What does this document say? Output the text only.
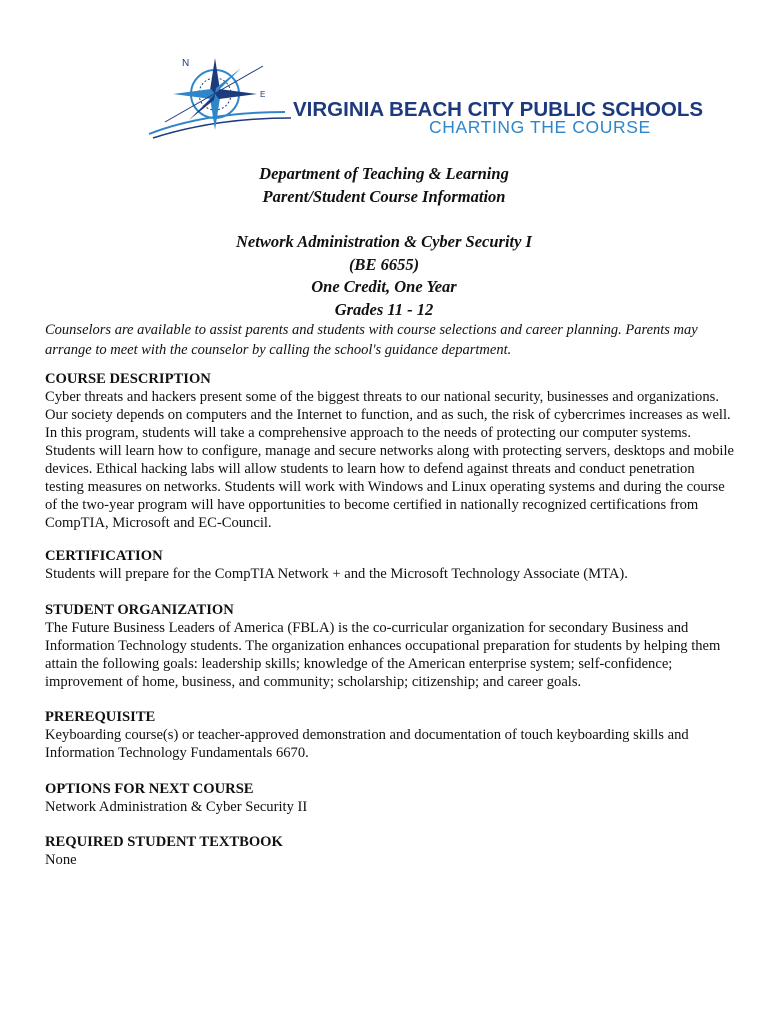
N
E
VIRGINIA BEACH CITY PUBLIC SCHOOLS
CHARTING THE COURSE
Department of Teaching & Learning
Parent/Student Course Information
Network Administration & Cyber Security I
(BE 6655)
One Credit, One Year
Grades 11 - 12
Counselors are available to assist parents and students with course selections and career planning. Parents may arrange to meet with the counselor by calling the school's guidance department.
COURSE DESCRIPTION

Cyber threats and hackers present some of the biggest threats to our national security, businesses and organizations. Our society depends on computers and the Internet to function, and as such, the risk of cybercrimes increases as well. In this program, students will take a comprehensive approach to the needs of protecting our computer systems. Students will learn how to configure, manage and secure networks along with protecting servers, desktops and mobile devices. Ethical hacking labs will allow students to learn how to defend against threats and conduct penetration testing measures on networks. Students will work with Windows and Linux operating systems and during the course of the two-year program will have opportunities to become certified in nationally recognized certifications from CompTIA, Microsoft and EC-Council.

CERTIFICATION

Students will prepare for the CompTIA Network + and the Microsoft Technology Associate (MTA).

STUDENT ORGANIZATION

The Future Business Leaders of America (FBLA) is the co-curricular organization for secondary Business and Information Technology students. The organization enhances occupational preparation for students by helping them attain the following goals: leadership skills; knowledge of the American enterprise system; self-confidence; improvement of home, business, and community; scholarship; citizenship; and career goals.

PREREQUISITE

Keyboarding course(s) or teacher-approved demonstration and documentation of touch keyboarding skills and Information Technology Fundamentals 6670.

OPTIONS FOR NEXT COURSE

Network Administration & Cyber Security II

REQUIRED STUDENT TEXTBOOK

None
